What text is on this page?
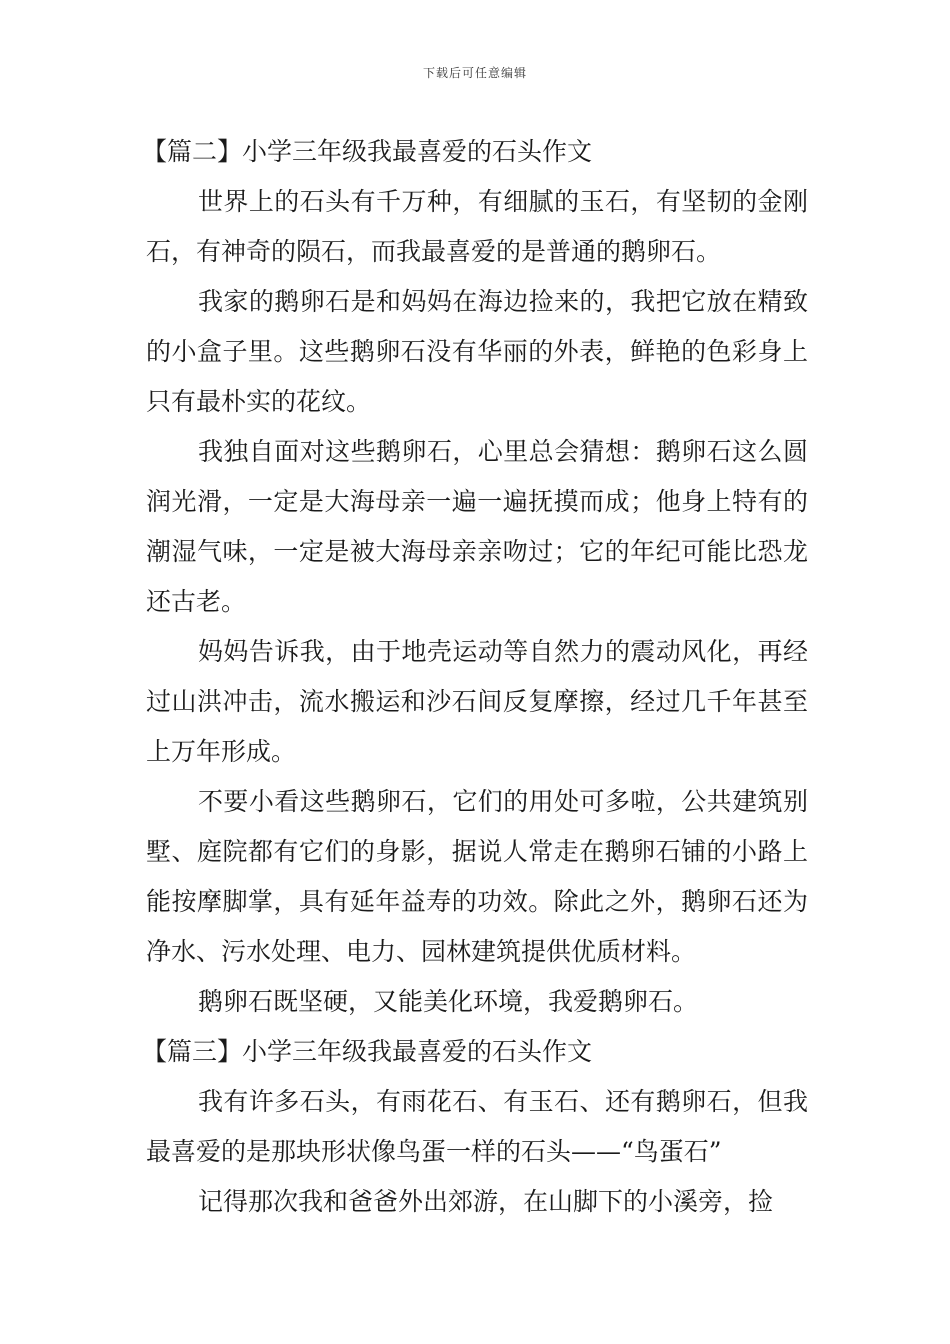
下载后可任意编辑

【篇二】小学三年级我最喜爱的石头作文

世界上的石头有千万种，有细腻的玉石，有坚韧的金刚石，有神奇的陨石，而我最喜爱的是普通的鹅卵石。

我家的鹅卵石是和妈妈在海边捡来的，我把它放在精致的小盒子里。这些鹅卵石没有华丽的外表，鲜艳的色彩身上只有最朴实的花纹。

我独自面对这些鹅卵石，心里总会猜想：鹅卵石这么圆润光滑，一定是大海母亲一遍一遍抚摸而成；他身上特有的潮湿气味，一定是被大海母亲亲吻过；它的年纪可能比恐龙还古老。

妈妈告诉我，由于地壳运动等自然力的震动风化，再经过山洪冲击，流水搬运和沙石间反复摩擦，经过几千年甚至上万年形成。

不要小看这些鹅卵石，它们的用处可多啦，公共建筑别墅、庭院都有它们的身影，据说人常走在鹅卵石铺的小路上能按摩脚掌，具有延年益寿的功效。除此之外，鹅卵石还为净水、污水处理、电力、园林建筑提供优质材料。

鹅卵石既坚硬，又能美化环境，我爱鹅卵石。

【篇三】小学三年级我最喜爱的石头作文

我有许多石头，有雨花石、有玉石、还有鹅卵石，但我最喜爱的是那块形状像鸟蛋一样的石头——“鸟蛋石”

记得那次我和爸爸外出郊游，在山脚下的小溪旁，捡
